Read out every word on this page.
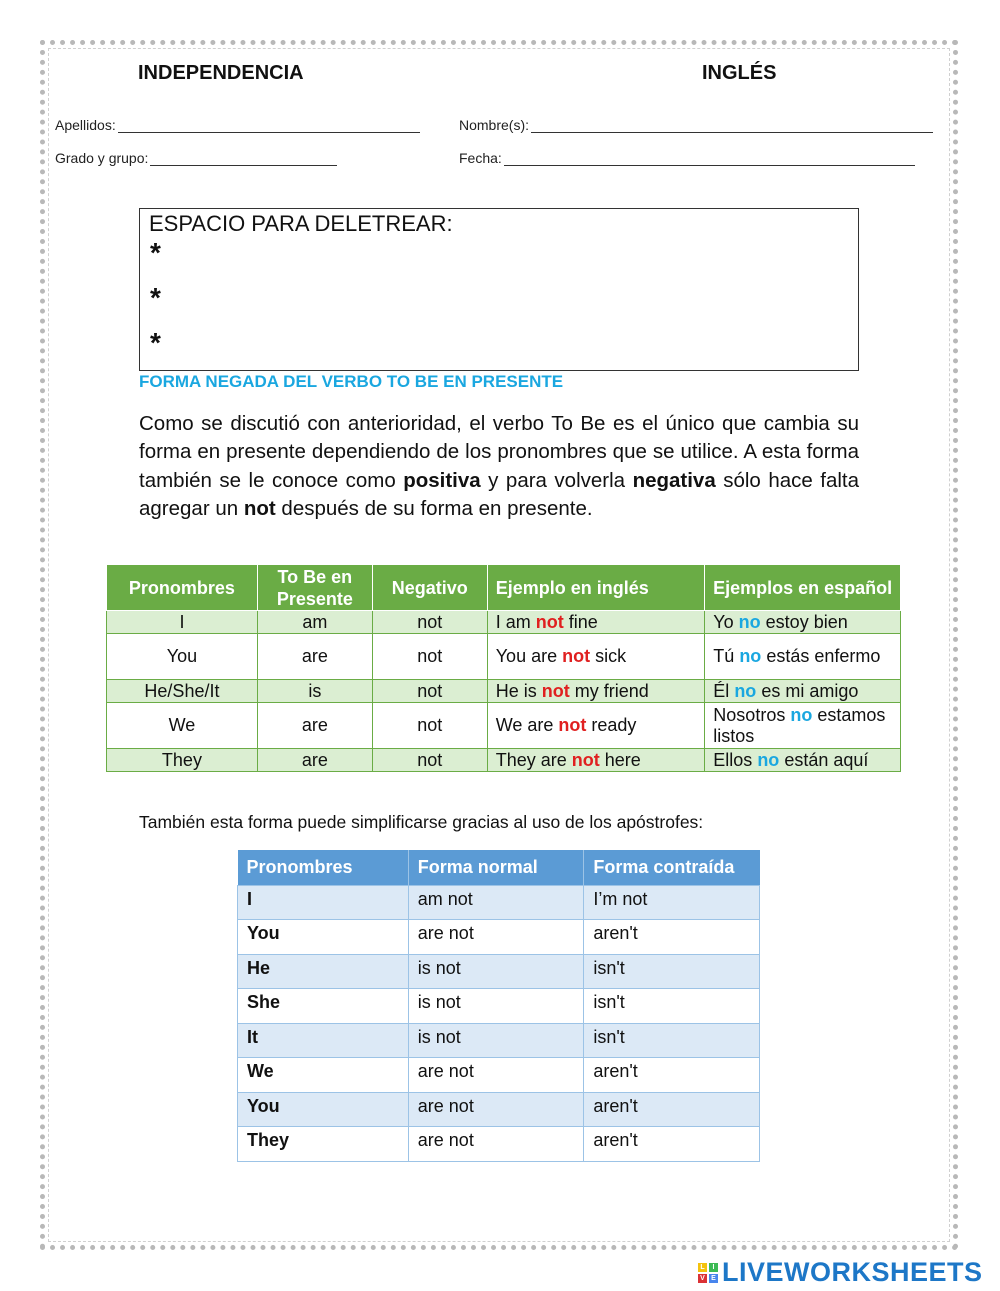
INDEPENDENCIA	INGLÉS
Apellidos:	Nombre(s):
Grado y grupo:	Fecha:
ESPACIO PARA DELETREAR:
*
*
*
FORMA NEGADA DEL VERBO TO BE EN PRESENTE
Como se discutió con anterioridad, el verbo To Be es el único que cambia su forma en presente dependiendo de los pronombres que se utilice. A esta forma también se le conoce como positiva y para volverla negativa sólo hace falta agregar un not después de su forma en presente.
Pronombres	To Be en Presente	Negativo	Ejemplo en inglés	Ejemplos en español
I	am	not	I am not fine	Yo no estoy bien
You	are	not	You are not sick	Tú no estás enfermo
He/She/It	is	not	He is not my friend	Él no es mi amigo
We	are	not	We are not ready	Nosotros no estamos listos
They	are	not	They are not here	Ellos no están aquí
También esta forma puede simplificarse gracias al uso de los apóstrofes:
Pronombres	Forma normal	Forma contraída
I	am not	I’m not
You	are not	aren't
He	is not	isn't
She	is not	isn't
It	is not	isn't
We	are not	aren't
You	are not	aren't
They	are not	aren't
L	I
V E LIVEWORKSHEETS
